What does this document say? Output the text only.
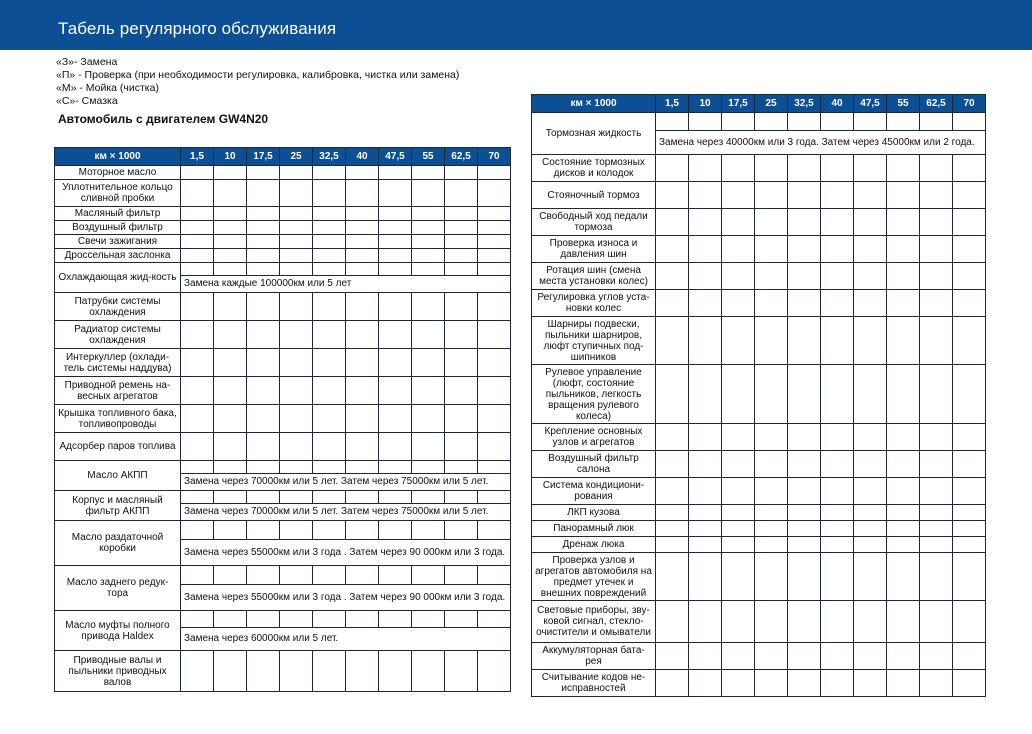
Табель регулярного обслуживания
«З»- Замена
«П» - Проверка (при необходимости регулировка, калибровка, чистка или замена)
«М» - Мойка (чистка)
«С»- Смазка
Автомобиль с двигателем GW4N20
км × 1000	1,5	10	17,5	25	32,5	40	47,5	55	62,5	70
Моторное масло										
Уплотнительное кольцо сливной пробки										
Масляный фильтр										
Воздушный фильтр										
Свечи зажигания										
Дроссельная заслонка										
Охлаждающая жид-кость										
	Замена каждые 100000км или 5 лет									
Патрубки системы охлаждения										
Радиатор системы охлаждения										
Интеркуллер (охлади-тель системы наддува)										
Приводной ремень на-весных агрегатов										
Крышка топливного бака, топливопроводы										
Адсорбер паров топлива										
Масло АКПП										
	Замена через 70000км или 5 лет. Затем через 75000км или 5 лет.									
Корпус и масляный фильтр АКПП										
	Замена через 70000км или 5 лет. Затем через 75000км или 5 лет.									
Масло раздаточной коробки										
	Замена через 55000км или 3 года . Затем через 90 000км или 3 года.									
Масло заднего редук-тора										
	Замена через 55000км или 3 года . Затем через 90 000км или 3 года.									
Масло муфты полного привода Haldex										
	Замена через 60000км или 5 лет.									
Приводные валы и пыльники приводных валов										
км × 1000	1,5	10	17,5	25	32,5	40	47,5	55	62,5	70
Тормозная жидкость										
	Замена через 40000км или 3 года. Затем через 45000км или 2 года.									
Состояние тормозных дисков и колодок										
Стояночный тормоз										
Свободный ход педали тормоза										
Проверка износа и давления шин										
Ротация шин (смена места установки колес)										
Регулировка углов уста-новки колес										
Шарниры подвески, пыльники шарниров, люфт ступичных под-шипников										
Рулевое управление (люфт, состояние пыльников, легкость вращения рулевого колеса)										
Крепление основных узлов и агрегатов										
Воздушный фильтр салона										
Система кондициони-рования										
ЛКП кузова										
Панорамный люк										
Дренаж люка										
Проверка узлов и агрегатов автомобиля на предмет утечек и внешних повреждений										
Световые приборы, зву-ковой сигнал, стекло-очистители и омыватели										
Аккумуляторная бата-рея										
Считывание кодов не-исправностей										
